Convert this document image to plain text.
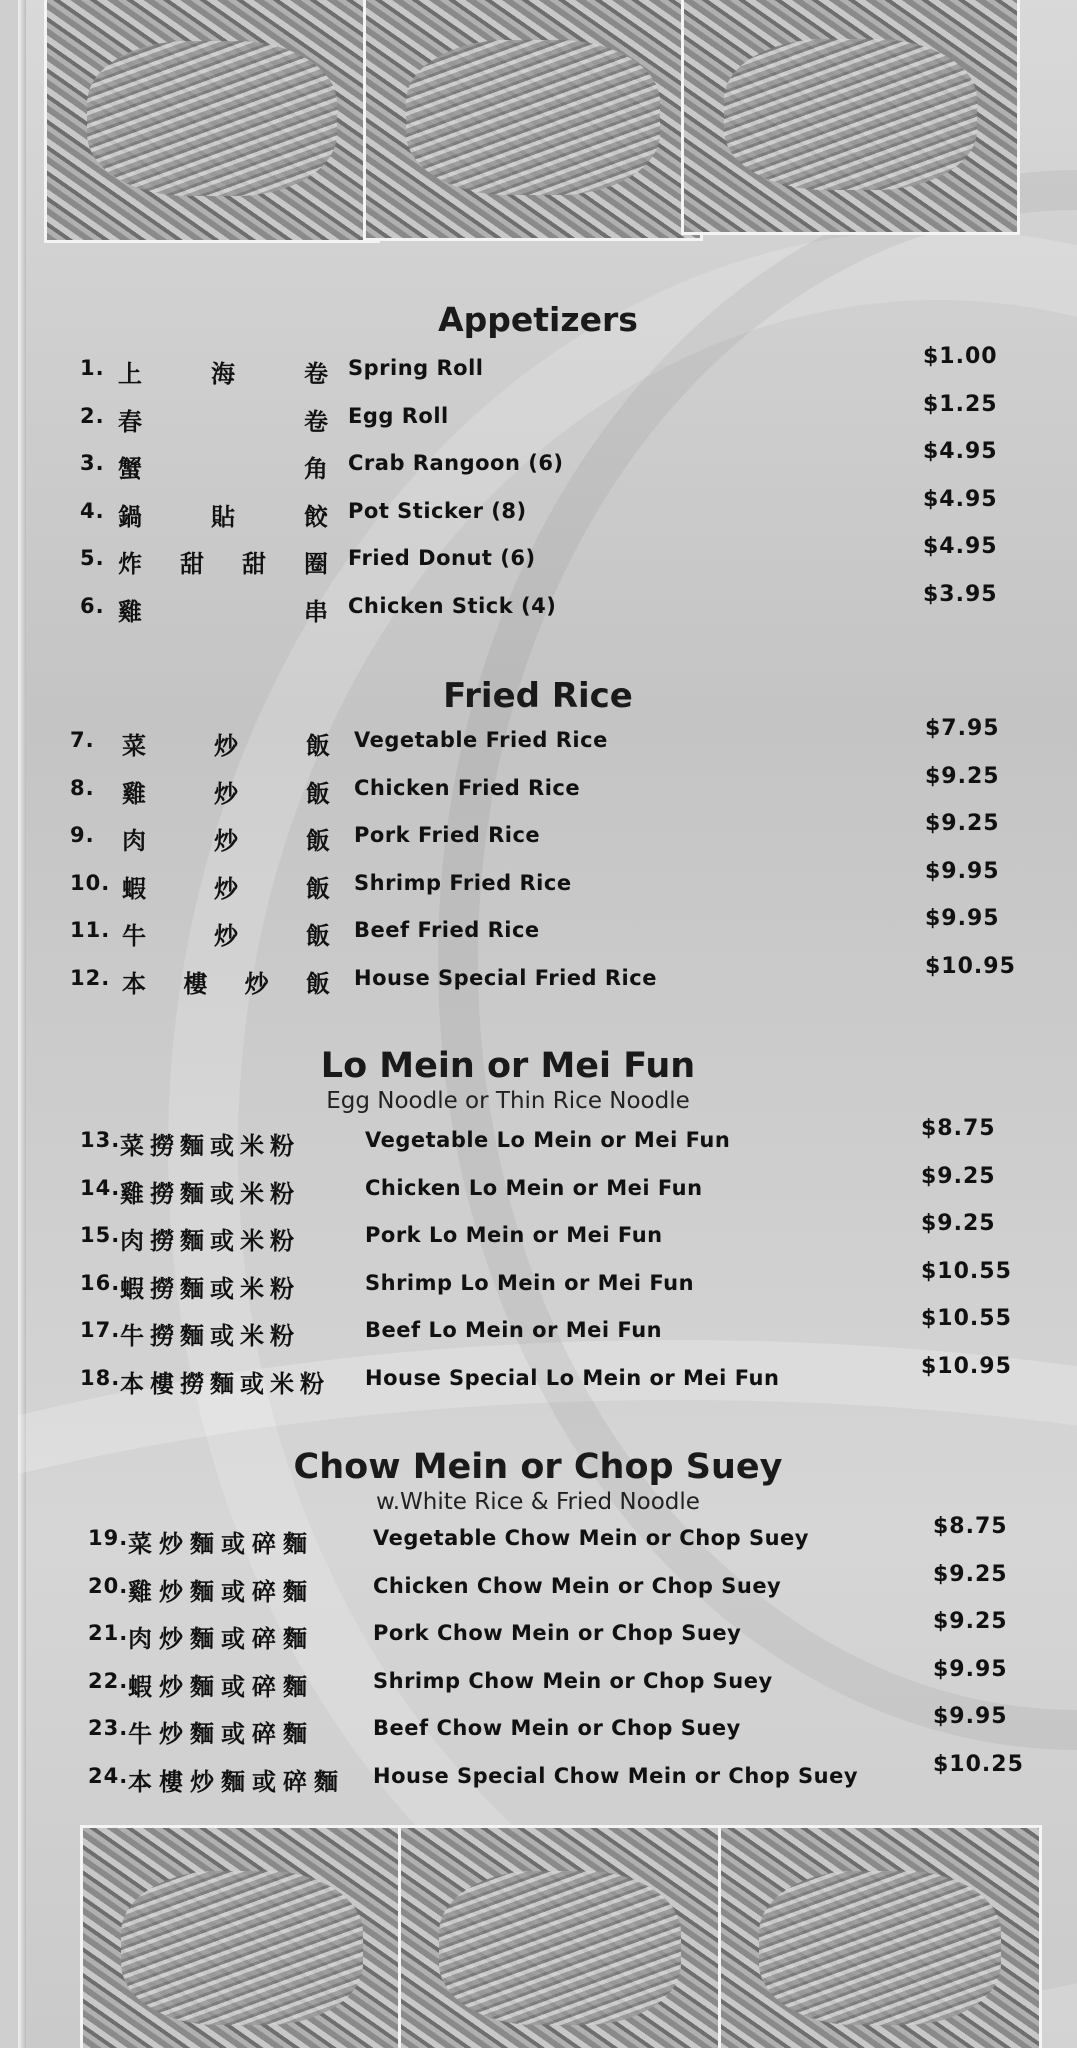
Appetizers
1. 上	海	卷 Spring Roll	$1.00
2. 春	卷 Egg Roll	$1.25
3. 蟹	角 Crab Rangoon (6)	$4.95
4. 鍋	貼	餃 Pot Sticker (8)	$4.95
5. 炸 甜 甜 圈 Fried Donut (6)	$4.95
6. 雞	串 Chicken Stick (4)	$3.95
Fried Rice
7. 菜	炒	飯 Vegetable Fried Rice	$7.95
8. 雞	炒	飯 Chicken Fried Rice	$9.25
9. 肉	炒	飯 Pork Fried Rice	$9.25
10. 蝦	炒	飯 Shrimp Fried Rice	$9.95
11. 牛	炒	飯 Beef Fried Rice	$9.95
12. 本 樓 炒 飯 House Special Fried Rice	$10.95
Lo Mein or Mei Fun
Egg Noodle or Thin Rice Noodle
13. 菜撈麵或米粉	Vegetable Lo Mein or Mei Fun	$8.75
14. 雞撈麵或米粉	Chicken Lo Mein or Mei Fun	$9.25
15. 肉撈麵或米粉	Pork Lo Mein or Mei Fun	$9.25
16. 蝦撈麵或米粉	Shrimp Lo Mein or Mei Fun	$10.55
17. 牛撈麵或米粉	Beef Lo Mein or Mei Fun	$10.55
18. 本樓撈麵或米粉 House Special Lo Mein or Mei Fun	$10.95
Chow Mein or Chop Suey
w.White Rice & Fried Noodle
19. 菜炒麵或碎麵	Vegetable Chow Mein or Chop Suey	$8.75
20. 雞炒麵或碎麵	Chicken Chow Mein or Chop Suey	$9.25
21. 肉炒麵或碎麵	Pork Chow Mein or Chop Suey	$9.25
22. 蝦炒麵或碎麵	Shrimp Chow Mein or Chop Suey	$9.95
23. 牛炒麵或碎麵	Beef Chow Mein or Chop Suey	$9.95
24. 本樓炒麵或碎麵 House Special Chow Mein or Chop Suey	$10.25
